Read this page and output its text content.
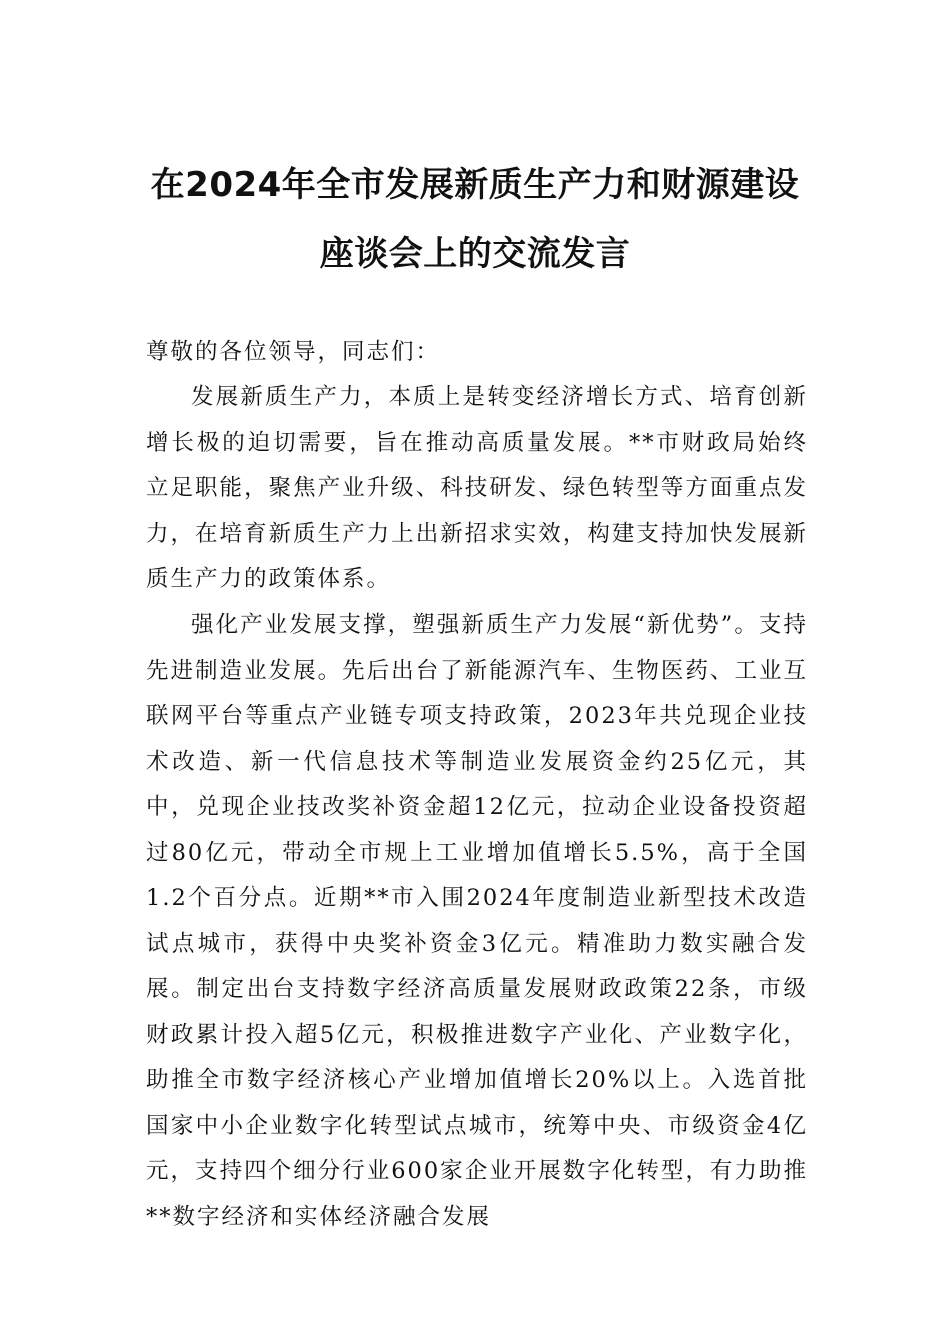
在2024年全市发展新质生产力和财源建设
座谈会上的交流发言
尊敬的各位领导，同志们：

发展新质生产力，本质上是转变经济增长方式、培育创新增长极的迫切需要，旨在推动高质量发展。**市财政局始终立足职能，聚焦产业升级、科技研发、绿色转型等方面重点发力，在培育新质生产力上出新招求实效，构建支持加快发展新质生产力的政策体系。

强化产业发展支撑，塑强新质生产力发展“新优势”。支持先进制造业发展。先后出台了新能源汽车、生物医药、工业互联网平台等重点产业链专项支持政策，2023年共兑现企业技术改造、新一代信息技术等制造业发展资金约25亿元，其中，兑现企业技改奖补资金超12亿元，拉动企业设备投资超过80亿元，带动全市规上工业增加值增长5.5%，高于全国1.2个百分点。近期**市入围2024年度制造业新型技术改造试点城市，获得中央奖补资金3亿元。精准助力数实融合发展。制定出台支持数字经济高质量发展财政政策22条，市级财政累计投入超5亿元，积极推进数字产业化、产业数字化，助推全市数字经济核心产业增加值增长20%以上。入选首批国家中小企业数字化转型试点城市，统筹中央、市级资金4亿元，支持四个细分行业600家企业开展数字化转型，有力助推**数字经济和实体经济融合发展
